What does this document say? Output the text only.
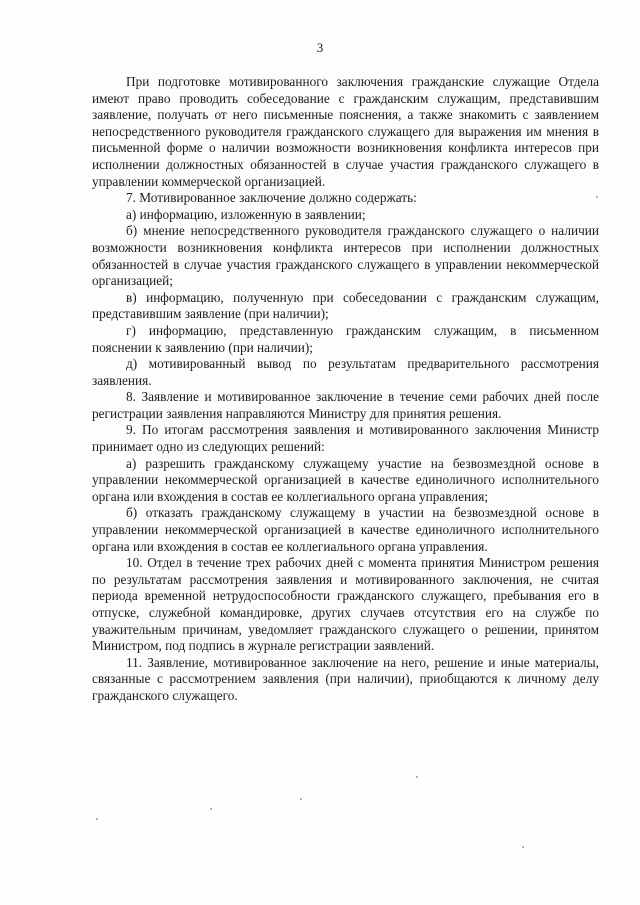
3

При подготовке мотивированного заключения гражданские служащие Отдела имеют право проводить собеседование с гражданским служащим, представившим заявление, получать от него письменные пояснения, а также знакомить с заявлением непосредственного руководителя гражданского служащего для выражения им мнения в письменной форме о наличии возможности возникновения конфликта интересов при исполнении должностных обязанностей в случае участия гражданского служащего в управлении коммерческой организацией.

7. Мотивированное заключение должно содержать:

а) информацию, изложенную в заявлении;

б) мнение непосредственного руководителя гражданского служащего о наличии возможности возникновения конфликта интересов при исполнении должностных обязанностей в случае участия гражданского служащего в управлении некоммерческой организацией;

в) информацию, полученную при собеседовании с гражданским служащим, представившим заявление (при наличии);

г) информацию, представленную гражданским служащим, в письменном пояснении к заявлению (при наличии);

д) мотивированный вывод по результатам предварительного рассмотрения заявления.

8. Заявление и мотивированное заключение в течение семи рабочих дней после регистрации заявления направляются Министру для принятия решения.

9. По итогам рассмотрения заявления и мотивированного заключения Министр принимает одно из следующих решений:

а) разрешить гражданскому служащему участие на безвозмездной основе в управлении некоммерческой организацией в качестве единоличного исполнительного органа или вхождения в состав ее коллегиального органа управления;

б) отказать гражданскому служащему в участии на безвозмездной основе в управлении некоммерческой организацией в качестве единоличного исполнительного органа или вхождения в состав ее коллегиального органа управления.

10. Отдел в течение трех рабочих дней с момента принятия Министром решения по результатам рассмотрения заявления и мотивированного заключения, не считая периода временной нетрудоспособности гражданского служащего, пребывания его в отпуске, служебной командировке, других случаев отсутствия его на службе по уважительным причинам, уведомляет гражданского служащего о решении, принятом Министром, под подпись в журнале регистрации заявлений.

11. Заявление, мотивированное заключение на него, решение и иные материалы, связанные с рассмотрением заявления (при наличии), приобщаются к личному делу гражданского служащего.
